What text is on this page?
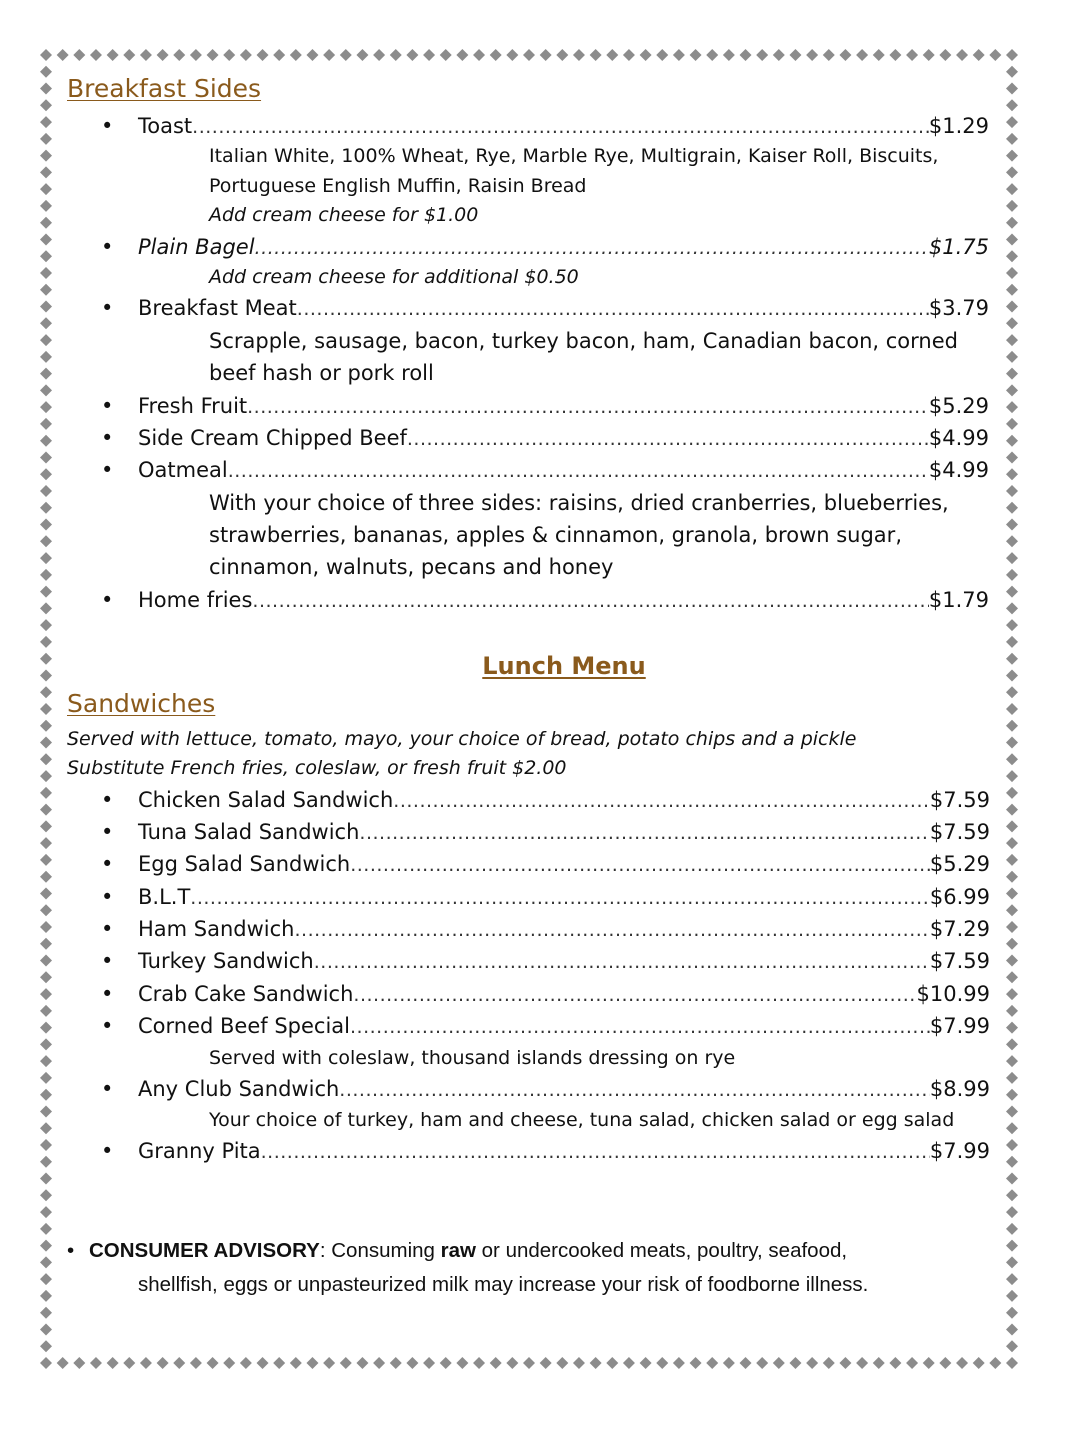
Breakfast Sides
•	Toast .....	$1.29
Italian White, 100% Wheat, Rye, Marble Rye, Multigrain, Kaiser Roll, Biscuits,
Portuguese English Muffin, Raisin Bread
Add cream cheese for $1.00
•	Plain Bagel .....	$1.75
Add cream cheese for additional $0.50
•	Breakfast Meat .....	$3.79
Scrapple, sausage, bacon, turkey bacon, ham, Canadian bacon, corned beef hash or pork roll
•	Fresh Fruit .....	$5.29
•	Side Cream Chipped Beef .....	$4.99
•	Oatmeal .....	$4.99
With your choice of three sides: raisins, dried cranberries, blueberries, strawberries, bananas, apples & cinnamon, granola, brown sugar, cinnamon, walnuts, pecans and honey
•	Home fries .....	$1.79
Lunch Menu
Sandwiches
Served with lettuce, tomato, mayo, your choice of bread, potato chips and a pickle
Substitute French fries, coleslaw, or fresh fruit $2.00
•	Chicken Salad Sandwich .....	$7.59
•	Tuna Salad Sandwich .....	$7.59
•	Egg Salad Sandwich .....	$5.29
•	B.L.T .....	$6.99
•	Ham Sandwich .....	$7.29
•	Turkey Sandwich .....	$7.59
•	Crab Cake Sandwich .....	$10.99
•	Corned Beef Special .....	$7.99
Served with coleslaw, thousand islands dressing on rye
•	Any Club Sandwich .....	$8.99
Your choice of turkey, ham and cheese, tuna salad, chicken salad or egg salad
•	Granny Pita .....	$7.99
• CONSUMER ADVISORY: Consuming raw or undercooked meats, poultry, seafood,
shellfish, eggs or unpasteurized milk may increase your risk of foodborne illness.
